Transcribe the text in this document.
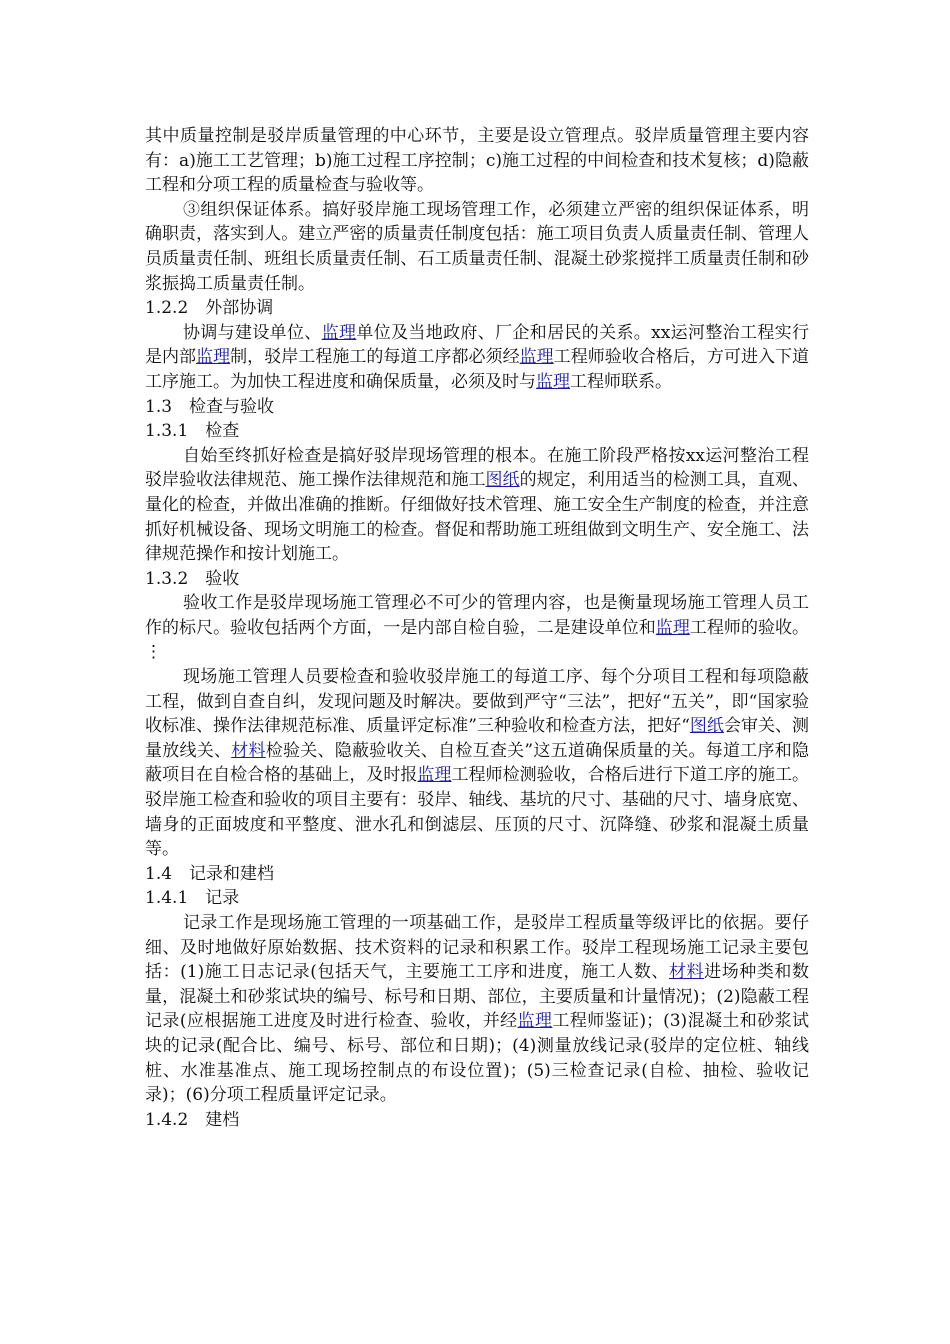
其中质量控制是驳岸质量管理的中心环节，主要是设立管理点。驳岸质量管理主要内容有：a)施工工艺管理；b)施工过程工序控制；c)施工过程的中间检查和技术复核；d)隐蔽工程和分项工程的质量检查与验收等。

③组织保证体系。搞好驳岸施工现场管理工作，必须建立严密的组织保证体系，明确职责，落实到人。建立严密的质量责任制度包括：施工项目负责人质量责任制、管理人员质量责任制、班组长质量责任制、石工质量责任制、混凝土砂浆搅拌工质量责任制和砂浆振捣工质量责任制。

1.2.2　外部协调

协调与建设单位、监理单位及当地政府、厂企和居民的关系。xx运河整治工程实行是内部监理制，驳岸工程施工的每道工序都必须经监理工程师验收合格后，方可进入下道工序施工。为加快工程进度和确保质量，必须及时与监理工程师联系。

1.3　检查与验收
1.3.1　检查

自始至终抓好检查是搞好驳岸现场管理的根本。在施工阶段严格按xx运河整治工程驳岸验收法律规范、施工操作法律规范和施工图纸的规定，利用适当的检测工具，直观、量化的检查，并做出准确的推断。仔细做好技术管理、施工安全生产制度的检查，并注意抓好机械设备、现场文明施工的检查。督促和帮助施工班组做到文明生产、安全施工、法律规范操作和按计划施工。

1.3.2　验收

验收工作是驳岸现场施工管理必不可少的管理内容，也是衡量现场施工管理人员工作的标尺。验收包括两个方面，一是内部自检自验，二是建设单位和监理工程师的验收。⋮

现场施工管理人员要检查和验收驳岸施工的每道工序、每个分项目工程和每项隐蔽工程，做到自查自纠，发现问题及时解决。要做到严守“三法”，把好“五关”，即“国家验收标准、操作法律规范标准、质量评定标准”三种验收和检查方法，把好“图纸会审关、测量放线关、材料检验关、隐蔽验收关、自检互查关”这五道确保质量的关。每道工序和隐蔽项目在自检合格的基础上，及时报监理工程师检测验收，合格后进行下道工序的施工。驳岸施工检查和验收的项目主要有：驳岸、轴线、基坑的尺寸、基础的尺寸、墙身底宽、墙身的正面坡度和平整度、泄水孔和倒滤层、压顶的尺寸、沉降缝、砂浆和混凝土质量等。

1.4　记录和建档
1.4.1　记录

记录工作是现场施工管理的一项基础工作，是驳岸工程质量等级评比的依据。要仔细、及时地做好原始数据、技术资料的记录和积累工作。驳岸工程现场施工记录主要包括：(1)施工日志记录(包括天气，主要施工工序和进度，施工人数、材料进场种类和数量，混凝土和砂浆试块的编号、标号和日期、部位，主要质量和计量情况)；(2)隐蔽工程记录(应根据施工进度及时进行检查、验收，并经监理工程师鉴证)；(3)混凝土和砂浆试块的记录(配合比、编号、标号、部位和日期)；(4)测量放线记录(驳岸的定位桩、轴线桩、水准基准点、施工现场控制点的布设位置)；(5)三检查记录(自检、抽检、验收记录)；(6)分项工程质量评定记录。

1.4.2　建档
